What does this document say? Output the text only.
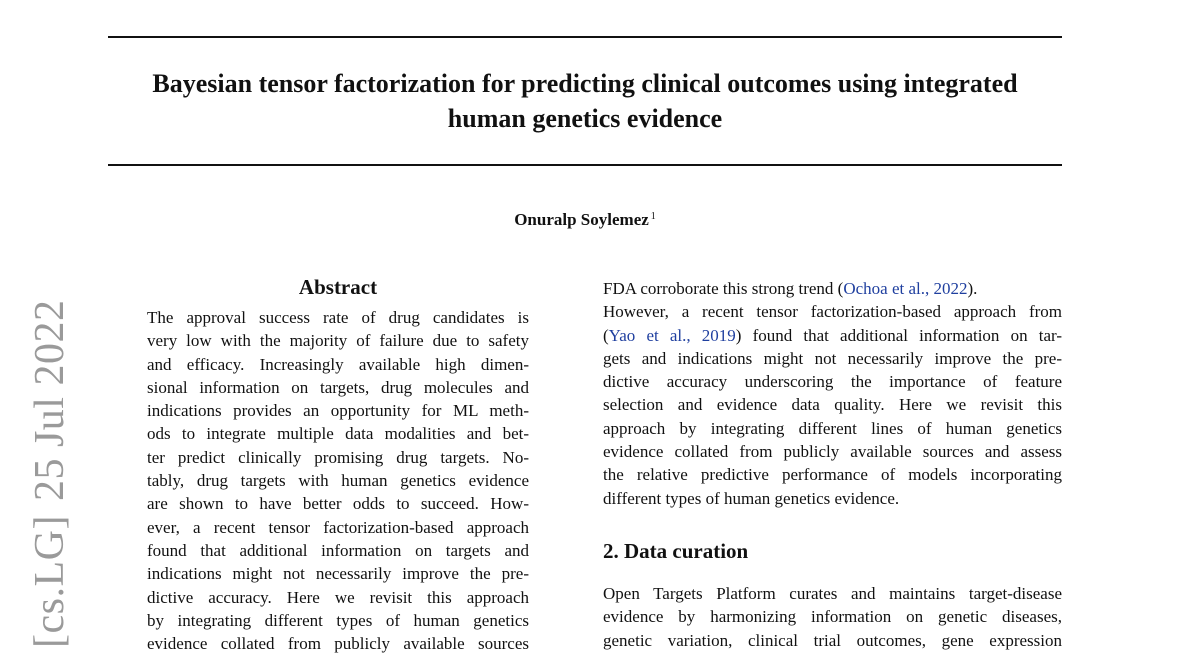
Bayesian tensor factorization for predicting clinical outcomes using integrated
human genetics evidence
Onuralp Soylemez $^1$
[cs.LG]25 Jul 2022
Abstract
The approval success rate of drug candidates is
very low with the majority of failure due to safety
and efficacy. Increasingly available high dimen-
sional information on targets, drug molecules and
indications provides an opportunity for ML meth-
ods to integrate multiple data modalities and bet-
ter predict clinically promising drug targets. No-
tably, drug targets with human genetics evidence
are shown to have better odds to succeed. How-
ever, a recent tensor factorization-based approach
found that additional information on targets and
indications might not necessarily improve the pre-
dictive accuracy. Here we revisit this approach
by integrating different types of human genetics
evidence collated from publicly available sources
FDA corroborate this strong trend (Ochoa et al., 2022).
However, a recent tensor factorization-based approach from
(Yao et al., 2019) found that additional information on tar-
gets and indications might not necessarily improve the pre-
dictive accuracy underscoring the importance of feature
selection and evidence data quality. Here we revisit this
approach by integrating different lines of human genetics
evidence collated from publicly available sources and assess
the relative predictive performance of models incorporating
different types of human genetics evidence.
2. Data curation
Open Targets Platform curates and maintains target-disease
evidence by harmonizing information on genetic diseases,
genetic variation, clinical trial outcomes, gene expression
